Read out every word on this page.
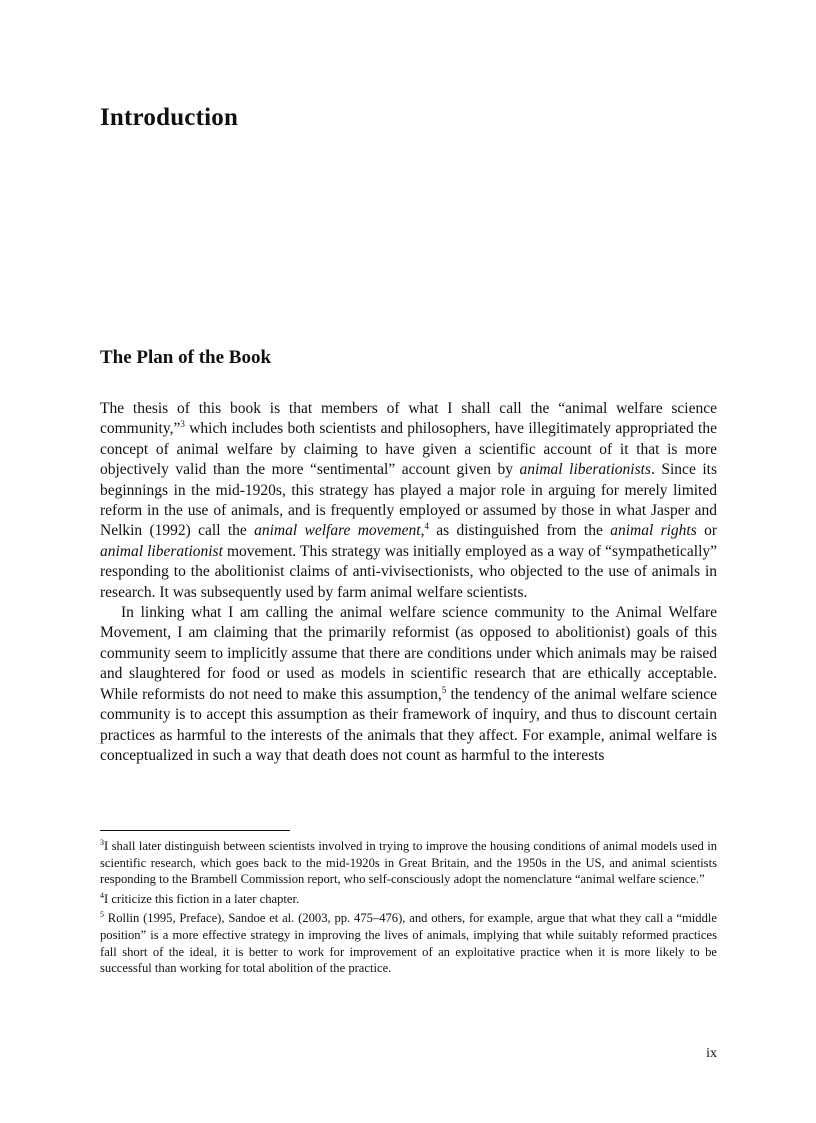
Introduction
The Plan of the Book

The thesis of this book is that members of what I shall call the “animal welfare science community,”$^3$ which includes both scientists and philosophers, have illegitimately appropriated the concept of animal welfare by claiming to have given a scientific account of it that is more objectively valid than the more “sentimental” account given by animal liberationists. Since its beginnings in the mid-1920s, this strategy has played a major role in arguing for merely limited reform in the use of animals, and is frequently employed or assumed by those in what Jasper and Nelkin (1992) call the animal welfare movement,$^4$ as distinguished from the animal rights or animal liberationist movement. This strategy was initially employed as a way of “sympathetically” responding to the abolitionist claims of anti-vivisectionists, who objected to the use of animals in research. It was subsequently used by farm animal welfare scientists.

In linking what I am calling the animal welfare science community to the Animal Welfare Movement, I am claiming that the primarily reformist (as opposed to abolitionist) goals of this community seem to implicitly assume that there are conditions under which animals may be raised and slaughtered for food or used as models in scientific research that are ethically acceptable. While reformists do not need to make this assumption,$^5$ the tendency of the animal welfare science community is to accept this assumption as their framework of inquiry, and thus to discount certain practices as harmful to the interests of the animals that they affect. For example, animal welfare is conceptualized in such a way that death does not count as harmful to the interests

$^3$I shall later distinguish between scientists involved in trying to improve the housing conditions of animal models used in scientific research, which goes back to the mid-1920s in Great Britain, and the 1950s in the US, and animal scientists responding to the Brambell Commission report, who self-consciously adopt the nomenclature “animal welfare science.”

$^4$I criticize this fiction in a later chapter.

$^5$ Rollin (1995, Preface), Sandoe et al. (2003, pp. 475–476), and others, for example, argue that what they call a “middle position” is a more effective strategy in improving the lives of animals, implying that while suitably reformed practices fall short of the ideal, it is better to work for improvement of an exploitative practice when it is more likely to be successful than working for total abolition of the practice.

ix
